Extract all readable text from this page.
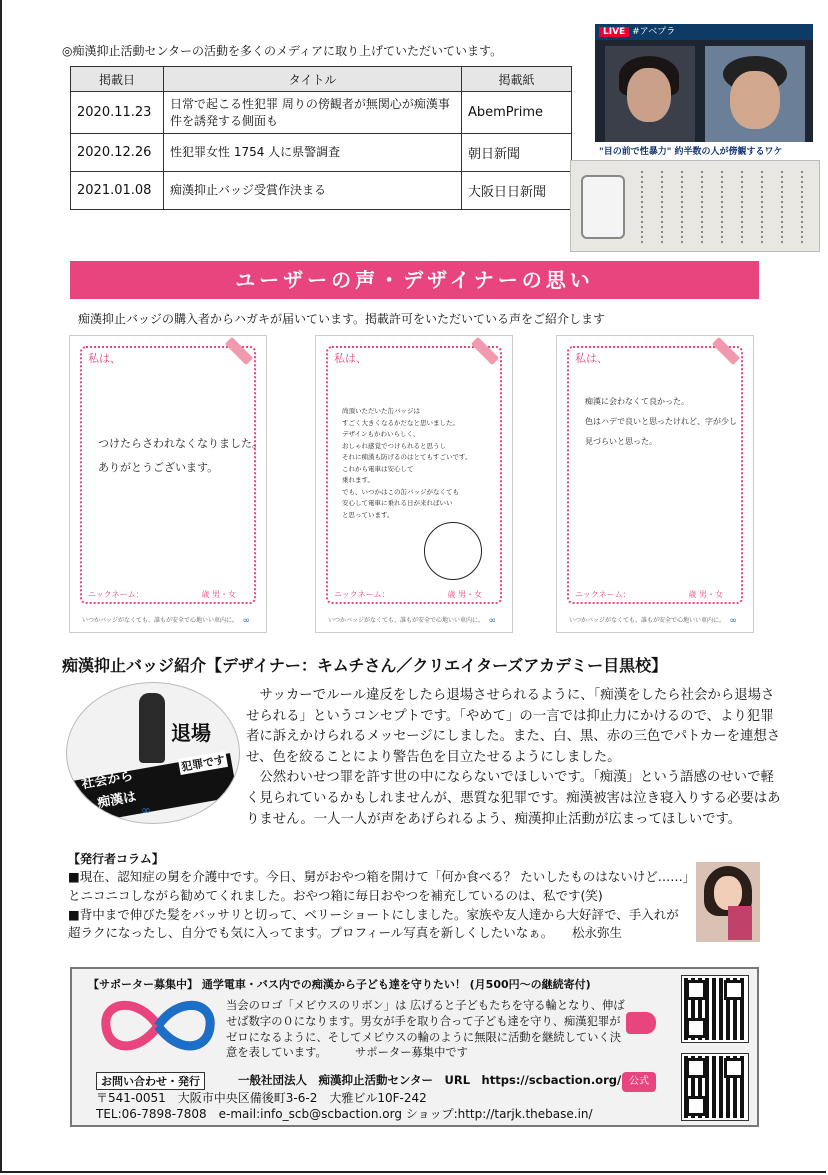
◎痴漢抑止活動センターの活動を多くのメディアに取り上げていただいています。
掲載日	タイトル	掲載紙
2020.11.23	日常で起こる性犯罪 周りの傍観者が無関心が痴漢事件を誘発する側面も	AbemPrime
2020.12.26	性犯罪女性 1754 人に県警調査	朝日新聞
2021.01.08	痴漢抑止バッジ受賞作決まる	大阪日日新聞
LIVE #アベプラ
"目の前で性暴力" 約半数の人が傍観するワケ
ユーザーの声・デザイナーの思い
痴漢抑止バッジの購入者からハガキが届いています。掲載許可をいただいている声をご紹介します
私は、
つけたらさわれなくなりました。
ありがとうございます。
ニックネーム：	歳 男・女
いつかバッジがなくても、誰もが安全で心地いい車内に。 ∞
私は、
尚頂いただいた缶バッジは
すごく大きくなるかだなと思いました。
デザインもかわいらしく、
おしゃれ感覚でつけられると思うし
それに痴漢も防げるのはとてもすごいです。
これから電車は安心して
乗れます。
でも、いつかはこの缶バッジがなくても
安心して電車に乗れる日が来ればいい
と思っています。
ニックネーム：	歳 男・女
いつかバッジがなくても、誰もが安全で心地いい車内に。 ∞
私は、
痴漢に会わなくて良かった。
色はハデで良いと思ったけれど、字が少し
見づらいと思った。
ニックネーム：	歳 男・女
いつかバッジがなくても、誰もが安全で心地いい車内に。 ∞
痴漢抑止バッジ紹介【デザイナー：キムチさん／クリエイターズアカデミー目黒校】
退場
社会から
痴漢は
犯罪です
∞

サッカーでルール違反をしたら退場させられるように、「痴漢をしたら社会から退場させられる」というコンセプトです。「やめて」の一言では抑止力にかけるので、より犯罪者に訴えかけられるメッセージにしました。また、白、黒、赤の三色でパトカーを連想させ、色を絞ることにより警告色を目立たせるようにしました。

公然わいせつ罪を許す世の中にならないでほしいです。「痴漢」という語感のせいで軽く見られているかもしれませんが、悪質な犯罪です。痴漢被害は泣き寝入りする必要はありません。一人一人が声をあげられるよう、痴漢抑止活動が広まってほしいです。

【発行者コラム】

■現在、認知症の舅を介護中です。今日、舅がおやつ箱を開けて「何か食べる？ たいしたものはないけど……」とニコニコしながら勧めてくれました。おやつ箱に毎日おやつを補充しているのは、私です(笑)

■背中まで伸びた髪をバッサリと切って、ベリーショートにしました。家族や友人達から大好評で、手入れが超ラクになったし、自分でも気に入ってます。プロフィール写真を新しくしたいなぁ。　　松永弥生

【サポーター募集中】 通学電車・バス内での痴漢から子ども達を守りたい！ (月500円～の継続寄付)

当会のロゴ「メビウスのリボン」は 広げると子どもたちを守る輪となり、伸ばせば数字の０になります。男女が手を取り合って子ども達を守り、痴漢犯罪がゼロになるように、そしてメビウスの輪のように無限に活動を継続していく決意を表しています。　　　サポーター募集中です

公式
お問い合わせ・発行	一般社団法人　痴漢抑止活動センター　URL　https://scbaction.org/
〒541-0051　大阪市中央区備後町3-6-2　大雅ビル10F-242
TEL:06-7898-7808　e-mail:info_scb@scbaction.org ショップ:http://tarjk.thebase.in/
